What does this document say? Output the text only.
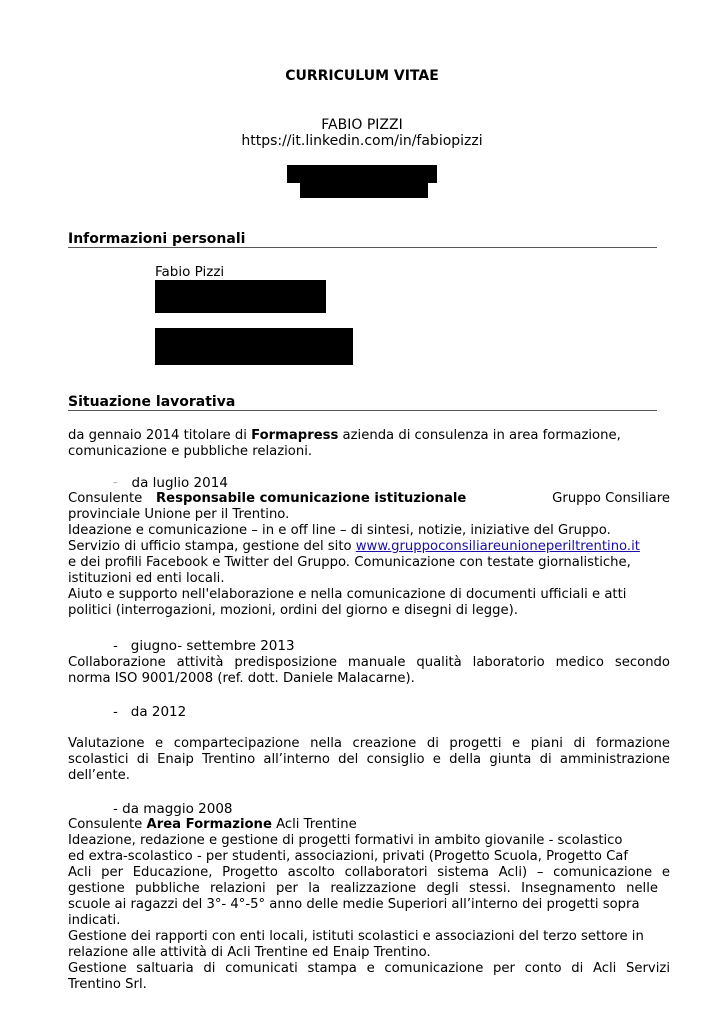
CURRICULUM VITAE
FABIO PIZZI
https://it.linkedin.com/in/fabiopizzi
Informazioni personali
Fabio Pizzi
Situazione lavorativa
da gennaio 2014 titolare di Formapress azienda di consulenza in area formazione,
comunicazione e pubbliche relazioni.
– da luglio 2014
Consulente	Responsabile comunicazione istituzionale	Gruppo Consiliare
provinciale Unione per il Trentino.
Ideazione e comunicazione – in e off line – di sintesi, notizie, iniziative del Gruppo.
Servizio di ufficio stampa, gestione del sito www.gruppoconsiliareunioneperiltrentino.it
e dei profili Facebook e Twitter del Gruppo. Comunicazione con testate giornalistiche,
istituzioni ed enti locali.
Aiuto e supporto nell'elaborazione e nella comunicazione di documenti ufficiali e atti
politici (interrogazioni, mozioni, ordini del giorno e disegni di legge).
-   giugno- settembre 2013
Collaborazione attività predisposizione manuale qualità laboratorio medico secondo
norma ISO 9001/2008 (ref. dott. Daniele Malacarne).
-   da 2012
Valutazione e compartecipazione nella creazione di progetti e piani di formazione
scolastici di Enaip Trentino all’interno del consiglio e della giunta di amministrazione
dell’ente.
- da maggio 2008
Consulente Area Formazione Acli Trentine
Ideazione, redazione e gestione di progetti formativi in ambito giovanile - scolastico
ed extra-scolastico - per studenti, associazioni, privati (Progetto Scuola, Progetto Caf
Acli per Educazione, Progetto ascolto collaboratori sistema Acli) – comunicazione e
gestione pubbliche relazioni per la realizzazione degli stessi. Insegnamento nelle
scuole ai ragazzi del 3°- 4°-5° anno delle medie Superiori all’interno dei progetti sopra
indicati.
Gestione dei rapporti con enti locali, istituti scolastici e associazioni del terzo settore in
relazione alle attività di Acli Trentine ed Enaip Trentino.
Gestione saltuaria di comunicati stampa e comunicazione per conto di Acli Servizi
Trentino Srl.
